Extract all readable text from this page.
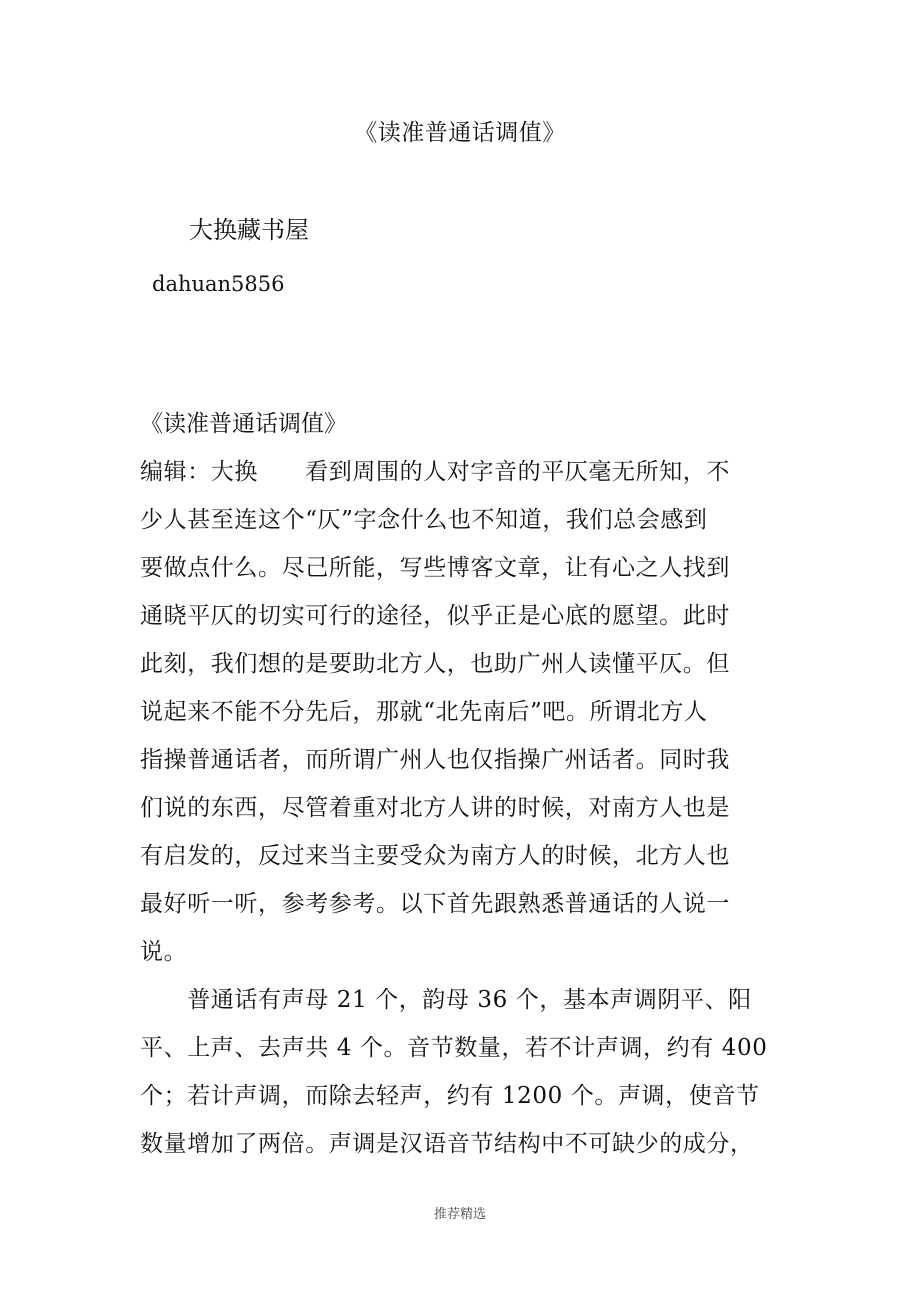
《读准普通话调值》
大换藏书屋
dahuan5856
《读准普通话调值》
编辑：大换　　看到周围的人对字音的平仄毫无所知，不
少人甚至连这个“仄”字念什么也不知道，我们总会感到
要做点什么。尽己所能，写些博客文章，让有心之人找到
通晓平仄的切实可行的途径，似乎正是心底的愿望。此时
此刻，我们想的是要助北方人，也助广州人读懂平仄。但
说起来不能不分先后，那就“北先南后”吧。所谓北方人
指操普通话者，而所谓广州人也仅指操广州话者。同时我
们说的东西，尽管着重对北方人讲的时候，对南方人也是
有启发的，反过来当主要受众为南方人的时候，北方人也
最好听一听，参考参考。以下首先跟熟悉普通话的人说一
说。
　　普通话有声母 21 个，韵母 36 个，基本声调阴平、阳
平、上声、去声共 4 个。音节数量，若不计声调，约有 400
个；若计声调，而除去轻声，约有 1200 个。声调，使音节
数量增加了两倍。声调是汉语音节结构中不可缺少的成分，
推荐精选
